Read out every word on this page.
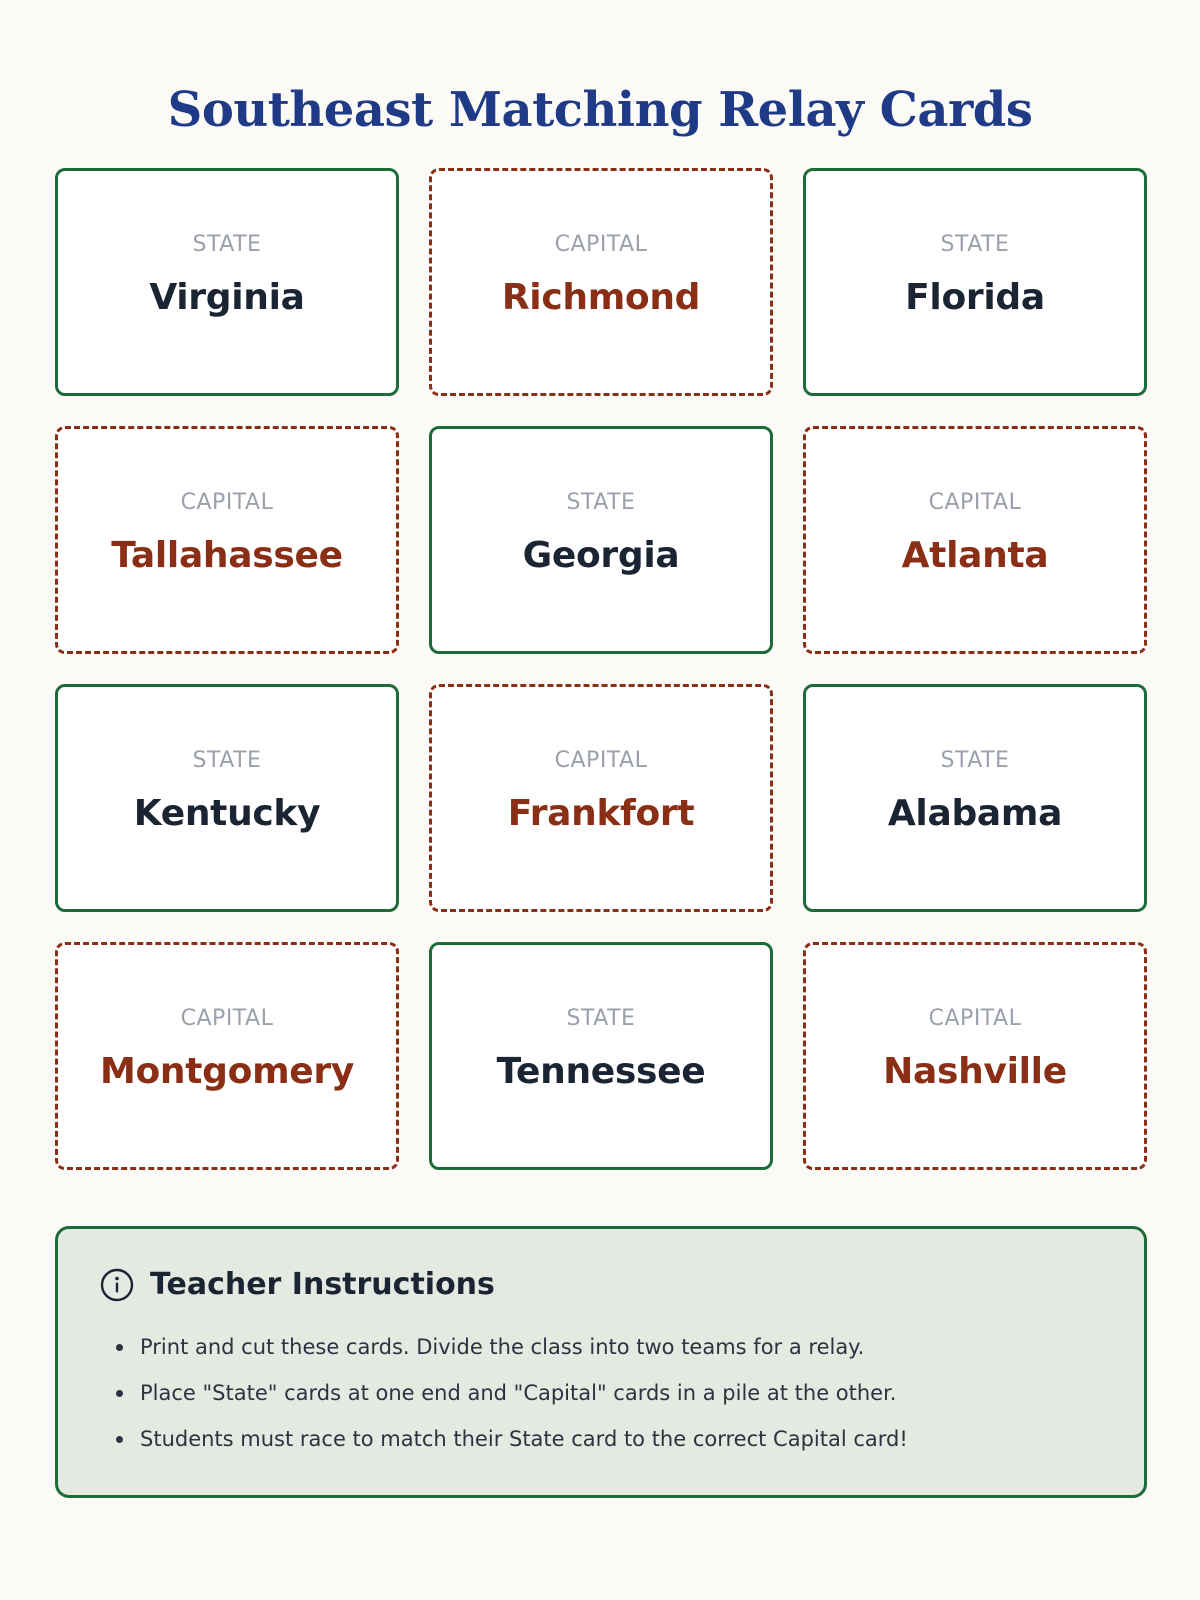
Southeast Matching Relay Cards
STATE
Virginia
CAPITAL
Richmond
STATE
Florida
CAPITAL
Tallahassee
STATE
Georgia
CAPITAL
Atlanta
STATE
Kentucky
CAPITAL
Frankfort
STATE
Alabama
CAPITAL
Montgomery
STATE
Tennessee
CAPITAL
Nashville
Teacher Instructions
Print and cut these cards. Divide the class into two teams for a relay.
Place "State" cards at one end and "Capital" cards in a pile at the other.
Students must race to match their State card to the correct Capital card!
